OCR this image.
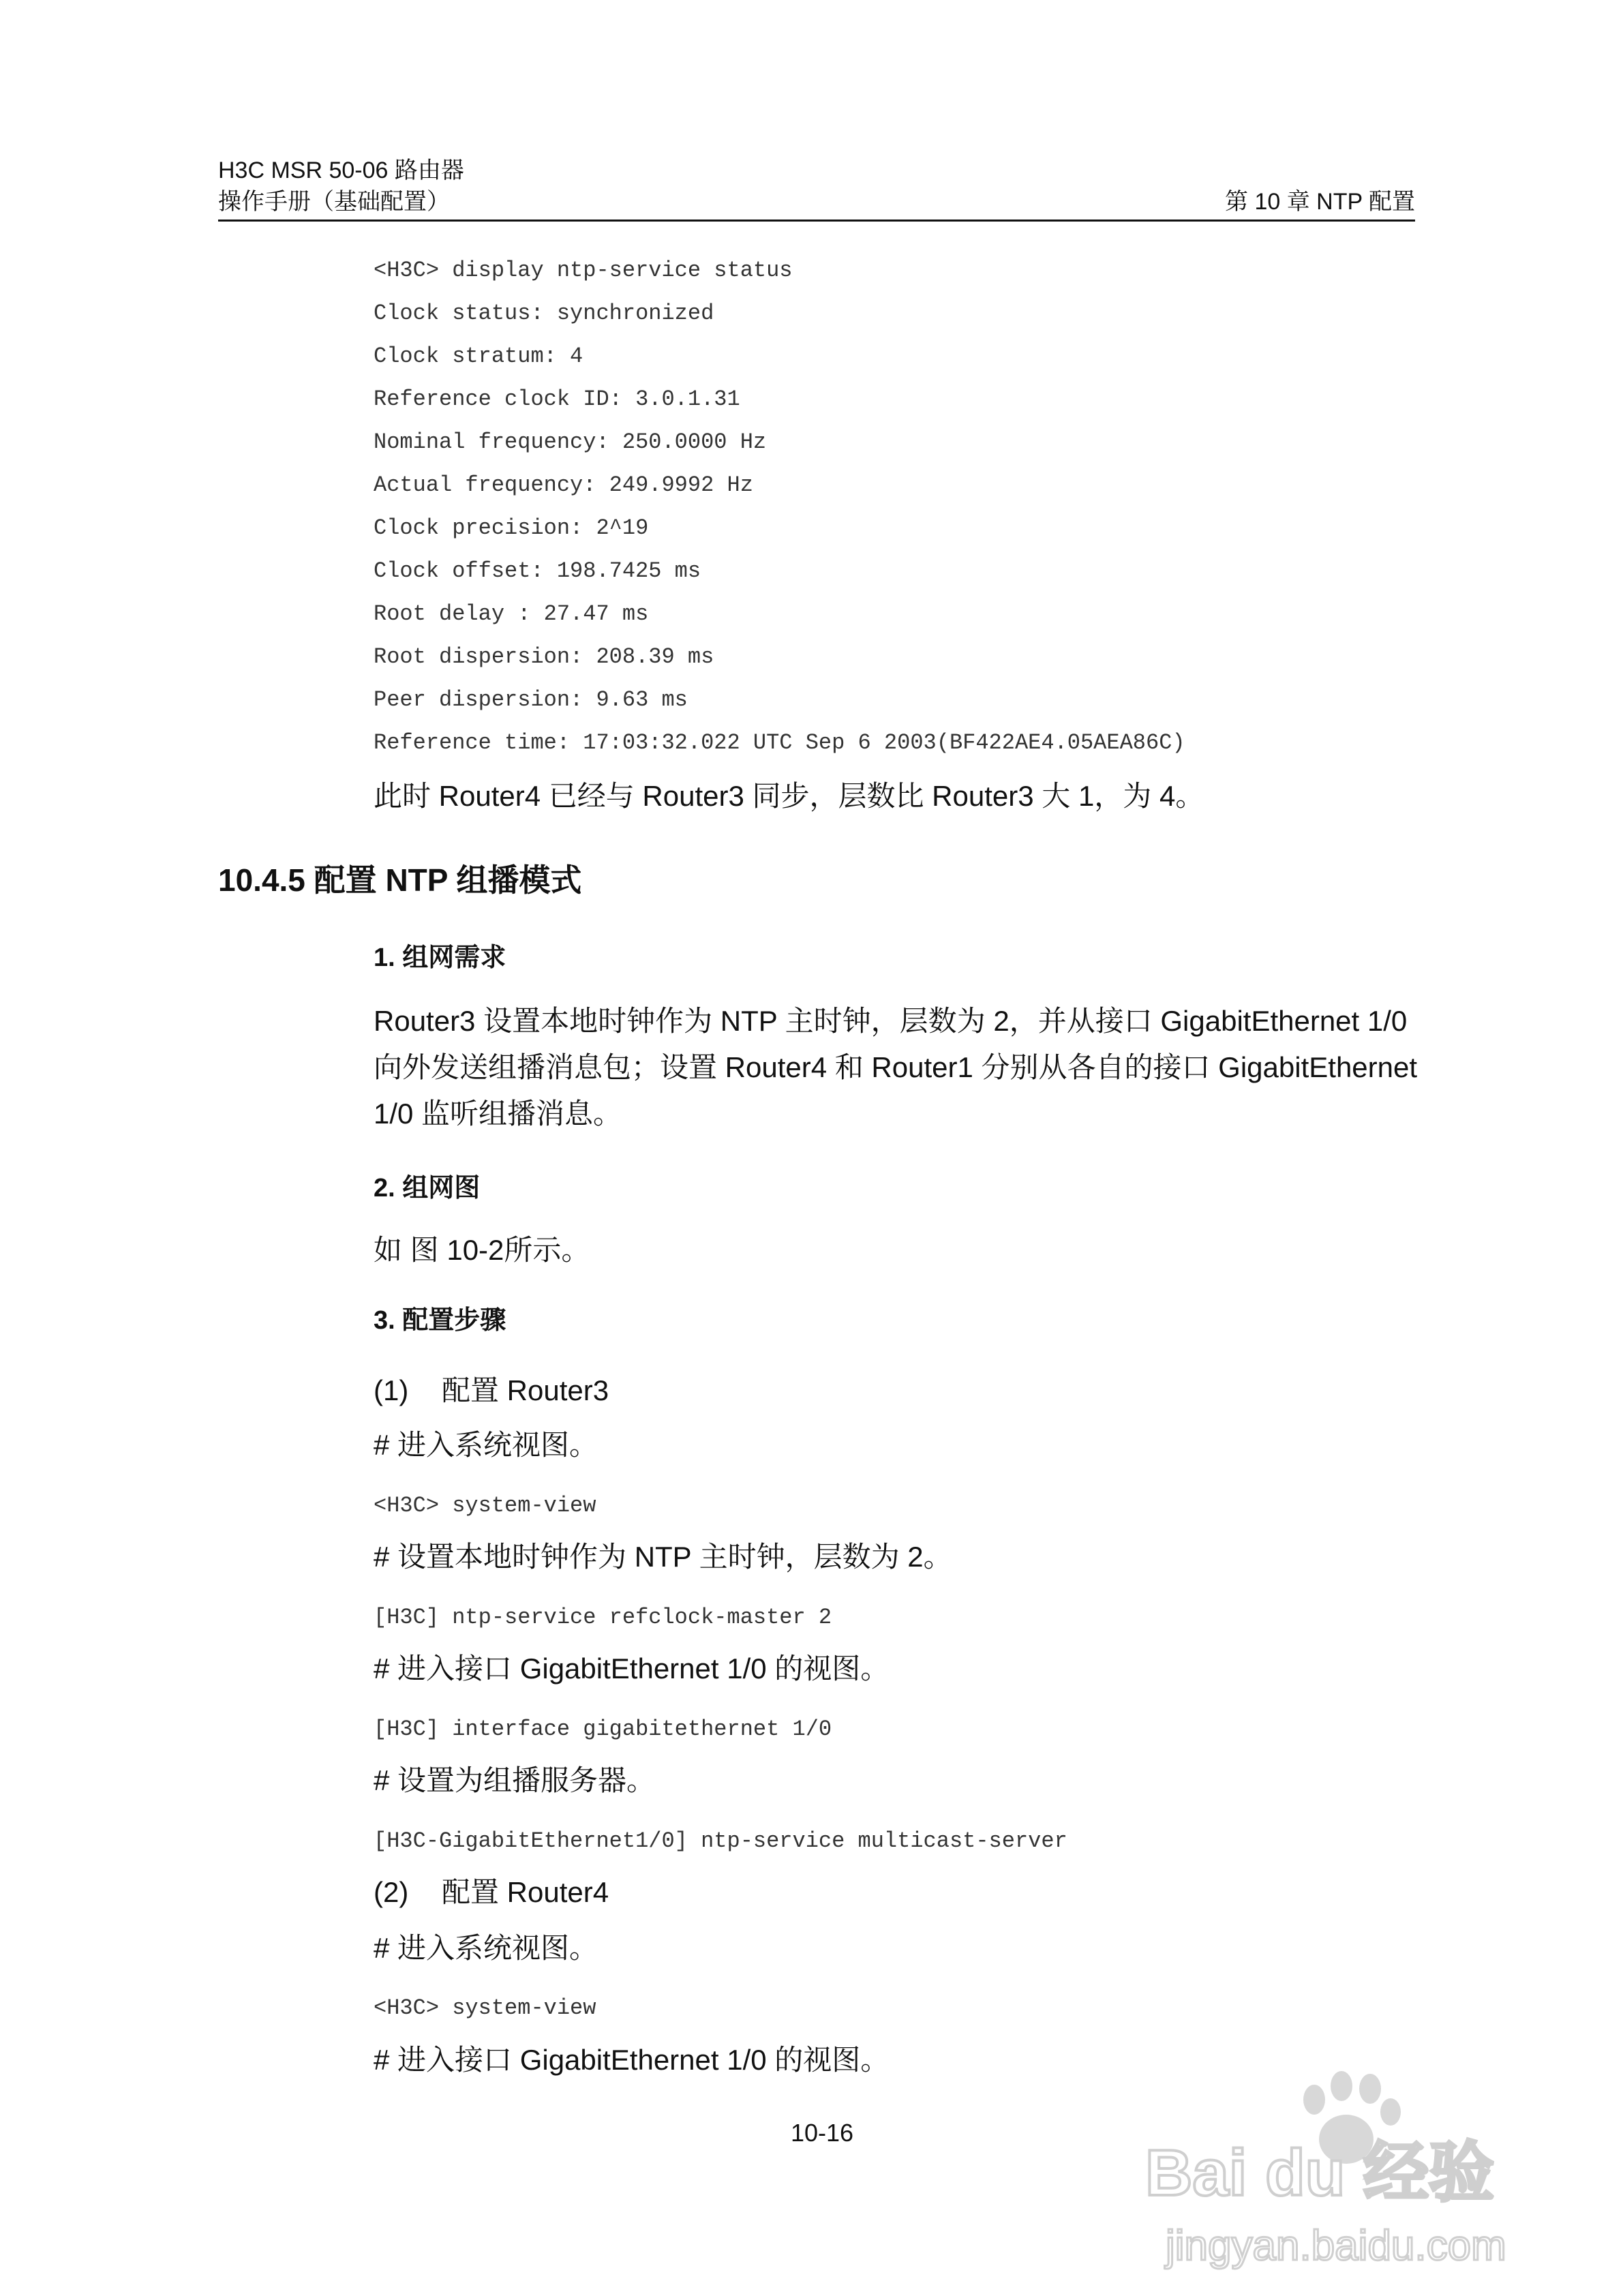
H3C MSR 50-06 路由器
操作手册（基础配置）	第 10 章 NTP 配置
<H3C> display ntp-service status
Clock status: synchronized
Clock stratum: 4
Reference clock ID: 3.0.1.31
Nominal frequency: 250.0000 Hz
Actual frequency: 249.9992 Hz
Clock precision: 2^19
Clock offset: 198.7425 ms
Root delay : 27.47 ms
Root dispersion: 208.39 ms
Peer dispersion: 9.63 ms
Reference time: 17:03:32.022 UTC Sep 6 2003(BF422AE4.05AEA86C)
此时 Router4 已经与 Router3 同步，层数比 Router3 大 1，为 4。
10.4.5 配置 NTP 组播模式
1. 组网需求
Router3 设置本地时钟作为 NTP 主时钟，层数为 2，并从接口 GigabitEthernet 1/0
向外发送组播消息包；设置 Router4 和 Router1 分别从各自的接口 GigabitEthernet
1/0 监听组播消息。
2. 组网图
如 图 10-2所示。
3. 配置步骤
(1) 配置 Router3
# 进入系统视图。
<H3C> system-view
# 设置本地时钟作为 NTP 主时钟，层数为 2。
[H3C] ntp-service refclock-master 2
# 进入接口 GigabitEthernet 1/0 的视图。
[H3C] interface gigabitethernet 1/0
# 设置为组播服务器。
[H3C-GigabitEthernet1/0] ntp-service multicast-server
(2) 配置 Router4
# 进入系统视图。
<H3C> system-view
# 进入接口 GigabitEthernet 1/0 的视图。
10-16
Bai du 经验
jingyan.baidu.com
